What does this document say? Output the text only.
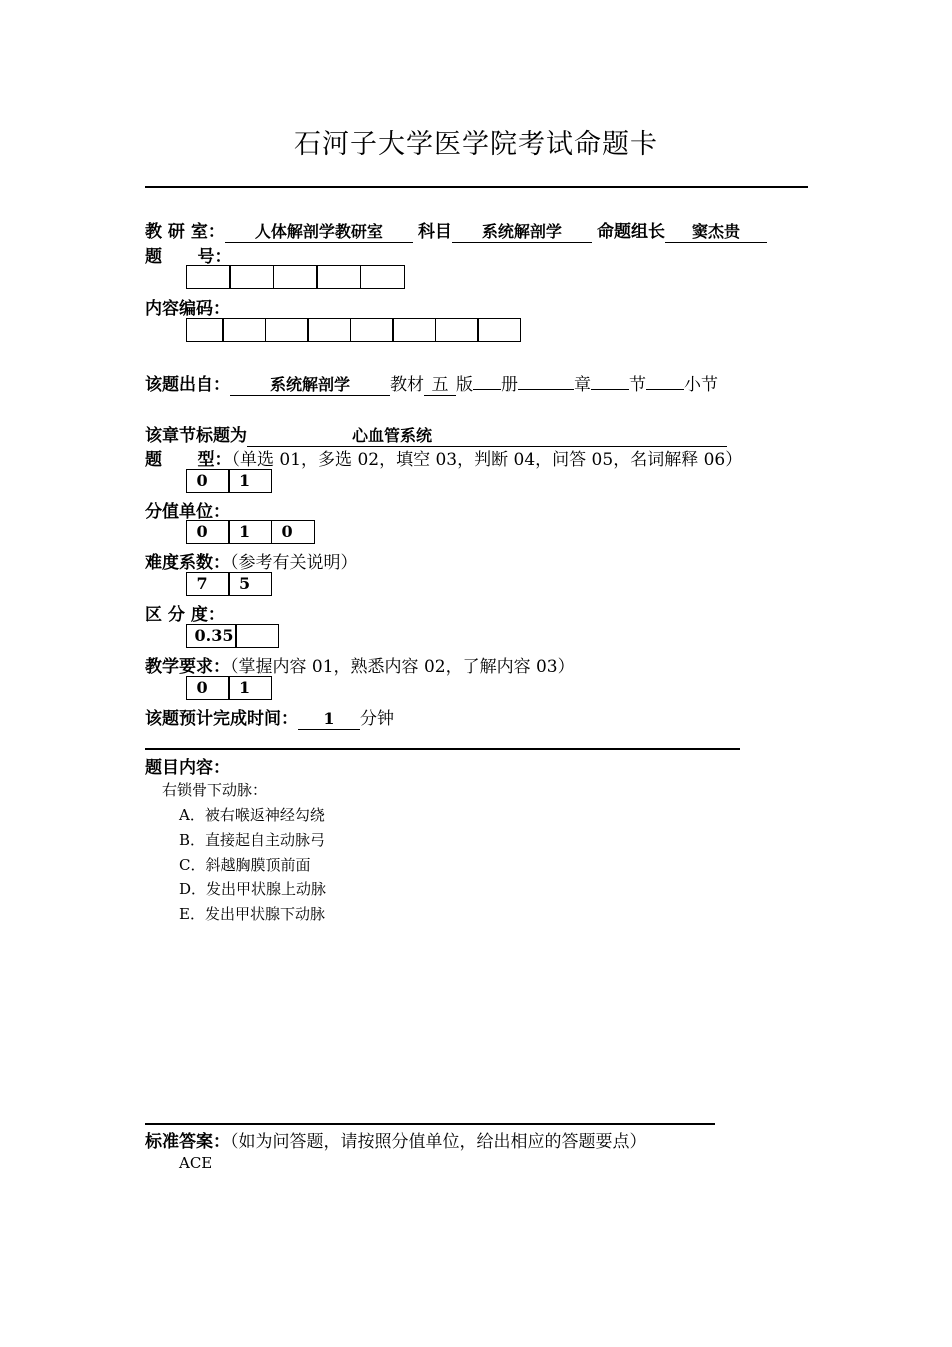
石河子大学医学院考试命题卡
教 研 室： 人体解剖学教研室 科目 系统解剖学 命题组长 窦杰贵
题      号：
内容编码：
该题出自： 系统解剖学 教材 五 版 册	章 节 小节
该章节标题为	心血管系统
题      型：（单选 01，多选 02，填空 03，判断 04，问答 05，名词解释 06）
0	1
分值单位：
0	1	0
难度系数：（参考有关说明）
7	5
区 分 度：
0.35
教学要求：（掌握内容 01，熟悉内容 02，了解内容 03）
0	1
该题预计完成时间： 1 分钟
题目内容：
右锁骨下动脉：
A．被右喉返神经勾绕
B．直接起自主动脉弓
C．斜越胸膜顶前面
D．发出甲状腺上动脉
E．发出甲状腺下动脉
标准答案：（如为问答题，请按照分值单位，给出相应的答题要点）
ACE
